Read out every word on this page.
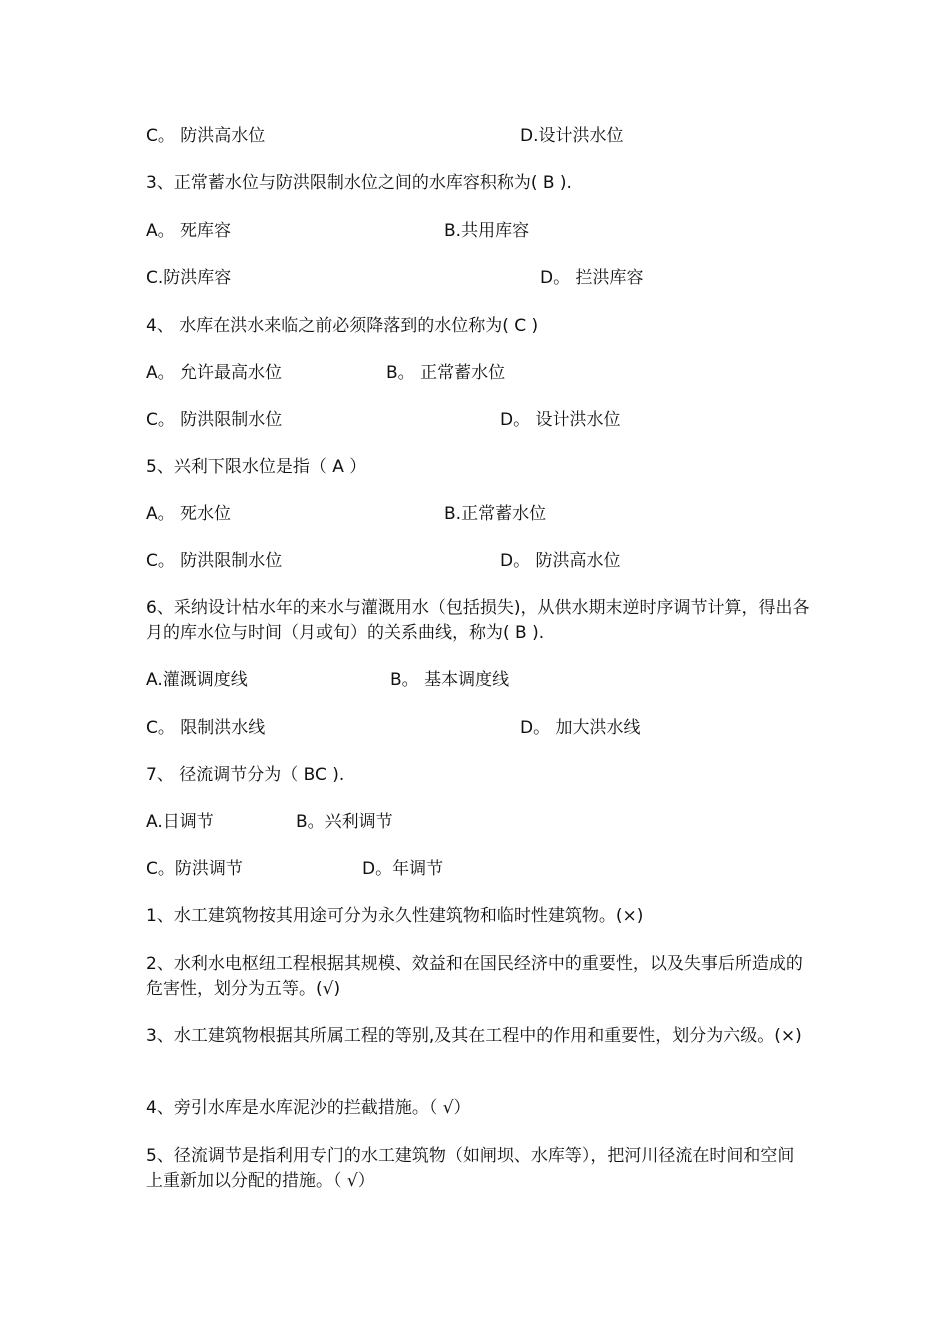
C。 防洪高水位	D.设计洪水位
3、正常蓄水位与防洪限制水位之间的水库容积称为( B ).
A。 死库容	B.共用库容
C.防洪库容	D。 拦洪库容
4、 水库在洪水来临之前必须降落到的水位称为( C )
A。 允许最高水位	B。 正常蓄水位
C。 防洪限制水位	D。 设计洪水位
5、兴利下限水位是指（ A ）
A。 死水位	B.正常蓄水位
C。 防洪限制水位	D。 防洪高水位
6、采纳设计枯水年的来水与灌溉用水（包括损失)，从供水期末逆时序调节计算，得出各月的库水位与时间（月或旬）的关系曲线，称为( B ).
A.灌溉调度线	B。 基本调度线
C。 限制洪水线	D。 加大洪水线
7、 径流调节分为（ BC ).
A.日调节	B。兴利调节
C。防洪调节	D。年调节
1、水工建筑物按其用途可分为永久性建筑物和临时性建筑物。(×)
2、水利水电枢纽工程根据其规模、效益和在国民经济中的重要性，以及失事后所造成的危害性，划分为五等。(√)
3、水工建筑物根据其所属工程的等别,及其在工程中的作用和重要性，划分为六级。(×)
4、旁引水库是水库泥沙的拦截措施。（ √）
5、径流调节是指利用专门的水工建筑物（如闸坝、水库等），把河川径流在时间和空间上重新加以分配的措施。（ √）
